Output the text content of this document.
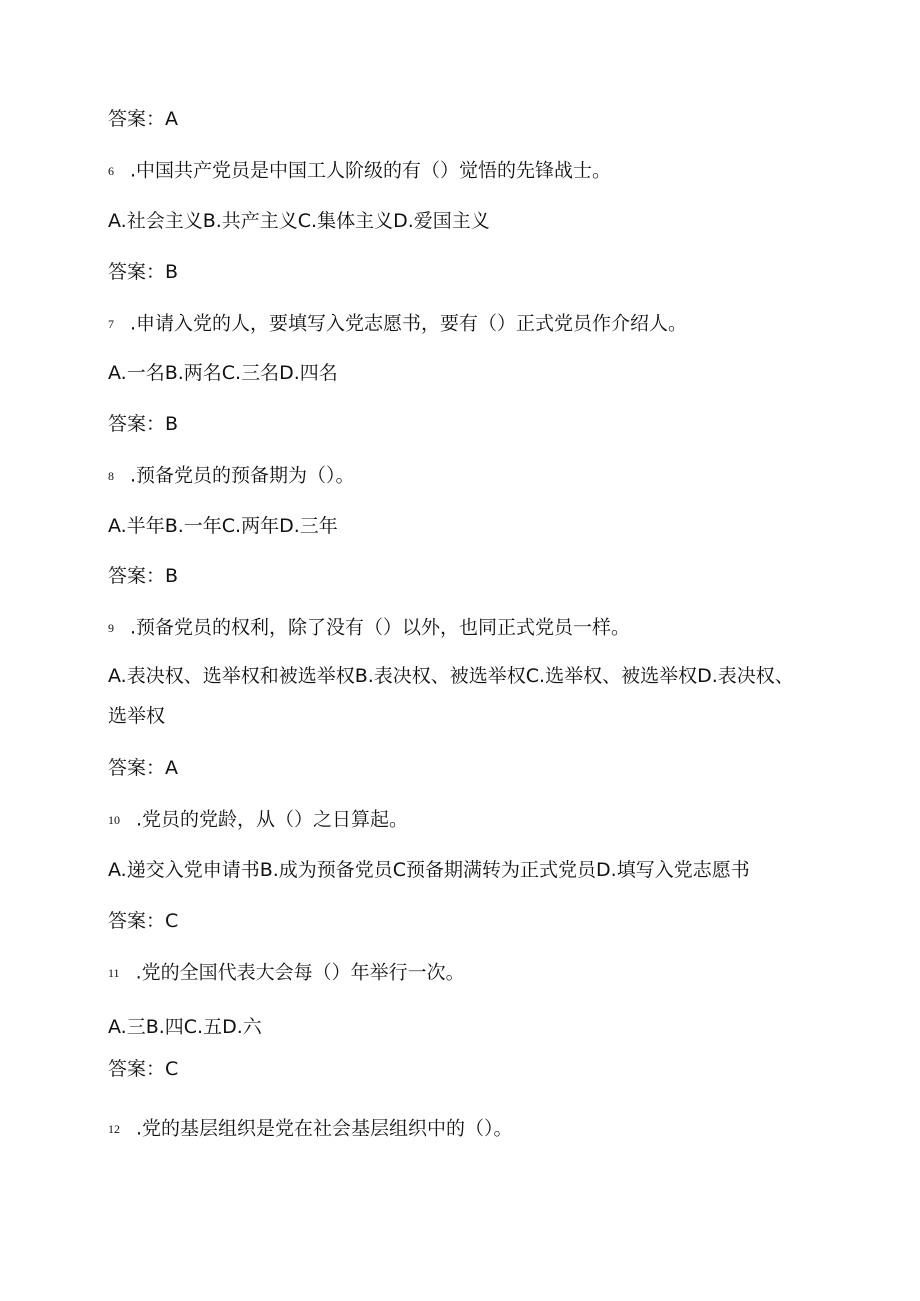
答案：A
6 .中国共产党员是中国工人阶级的有（）觉悟的先锋战士。
A.社会主义B.共产主义C.集体主义D.爱国主义
答案：B
7 .申请入党的人，要填写入党志愿书，要有（）正式党员作介绍人。
A.一名B.两名C.三名D.四名
答案：B
8 .预备党员的预备期为（）。
A.半年B.一年C.两年D.三年
答案：B
9 .预备党员的权利，除了没有（）以外，也同正式党员一样。
A.表决权、选举权和被选举权B.表决权、被选举权C.选举权、被选举权D.表决权、选举权
答案：A
10 .党员的党龄，从（）之日算起。
A.递交入党申请书B.成为预备党员C预备期满转为正式党员D.填写入党志愿书
答案：C
11 .党的全国代表大会每（）年举行一次。
A.三B.四C.五D.六
答案：C
12 .党的基层组织是党在社会基层组织中的（）。
